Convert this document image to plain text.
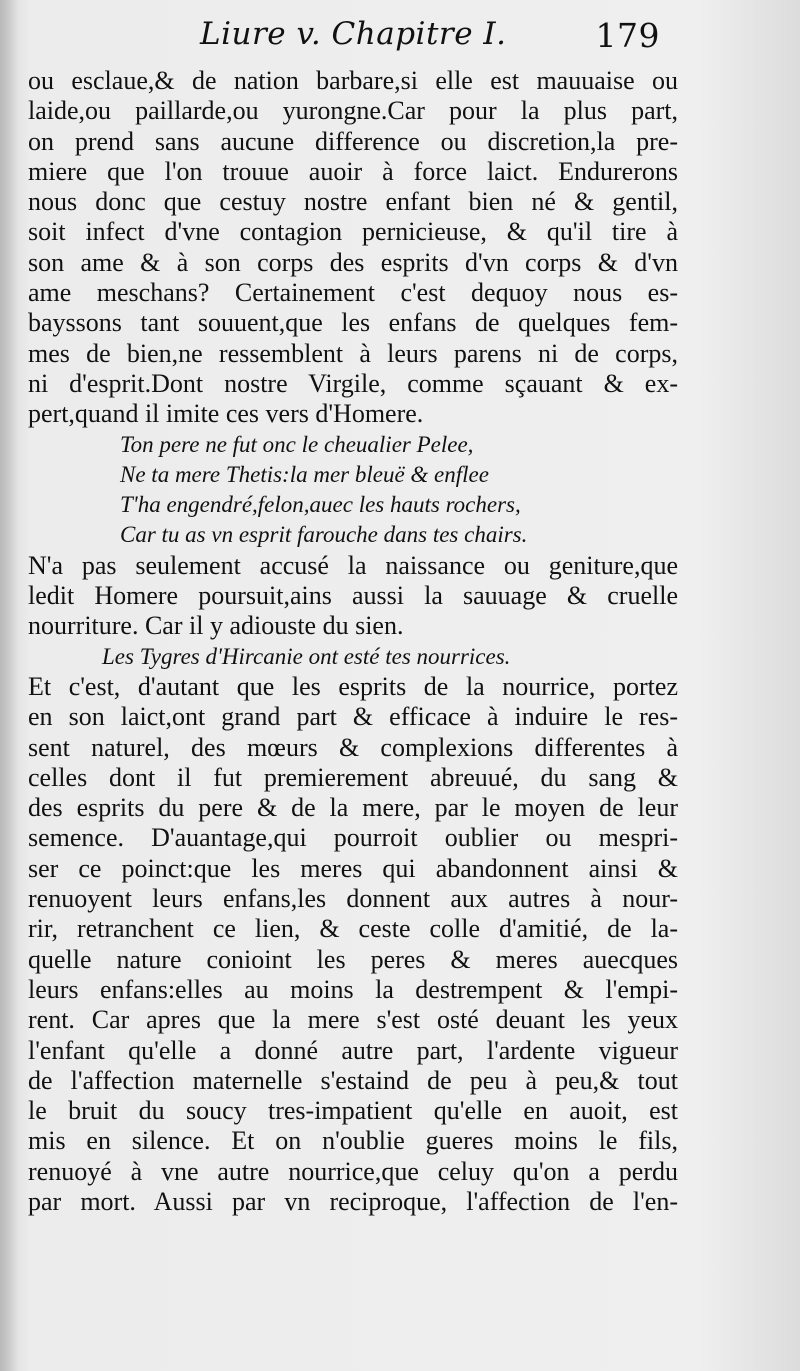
Liure v. Chapitre I.	179
ou esclaue,& de nation barbare,si elle est mauuaise ou
laide,ou paillarde,ou yurongne.Car pour la plus part,
on prend sans aucune difference ou discretion,la pre-
miere que l'on trouue auoir à force laict. Endurerons
nous donc que cestuy nostre enfant bien né & gentil,
soit infect d'vne contagion pernicieuse, & qu'il tire à
son ame & à son corps des esprits d'vn corps & d'vn
ame meschans? Certainement c'est dequoy nous es-
bayssons tant souuent,que les enfans de quelques fem-
mes de bien,ne ressemblent à leurs parens ni de corps,
ni d'esprit.Dont nostre Virgile, comme sçauant & ex-
pert,quand il imite ces vers d'Homere.
Ton pere ne fut onc le cheualier Pelee,
Ne ta mere Thetis:la mer bleuë & enflee
T'ha engendré,felon,auec les hauts rochers,
Car tu as vn esprit farouche dans tes chairs.
N'a pas seulement accusé la naissance ou geniture,que
ledit Homere poursuit,ains aussi la sauuage & cruelle
nourriture. Car il y adiouste du sien.
Les Tygres d'Hircanie ont esté tes nourrices.
Et c'est, d'autant que les esprits de la nourrice, portez
en son laict,ont grand part & efficace à induire le res-
sent naturel, des mœurs & complexions differentes à
celles dont il fut premierement abreuué, du sang &
des esprits du pere & de la mere, par le moyen de leur
semence. D'auantage,qui pourroit oublier ou mespri-
ser ce poinct:que les meres qui abandonnent ainsi &
renuoyent leurs enfans,les donnent aux autres à nour-
rir, retranchent ce lien, & ceste colle d'amitié, de la-
quelle nature conioint les peres & meres auecques
leurs enfans:elles au moins la destrempent & l'empi-
rent. Car apres que la mere s'est osté deuant les yeux
l'enfant qu'elle a donné autre part, l'ardente vigueur
de l'affection maternelle s'estaind de peu à peu,& tout
le bruit du soucy tres-impatient qu'elle en auoit, est
mis en silence. Et on n'oublie gueres moins le fils,
renuoyé à vne autre nourrice,que celuy qu'on a perdu
par mort. Aussi par vn reciproque, l'affection de l'en-
